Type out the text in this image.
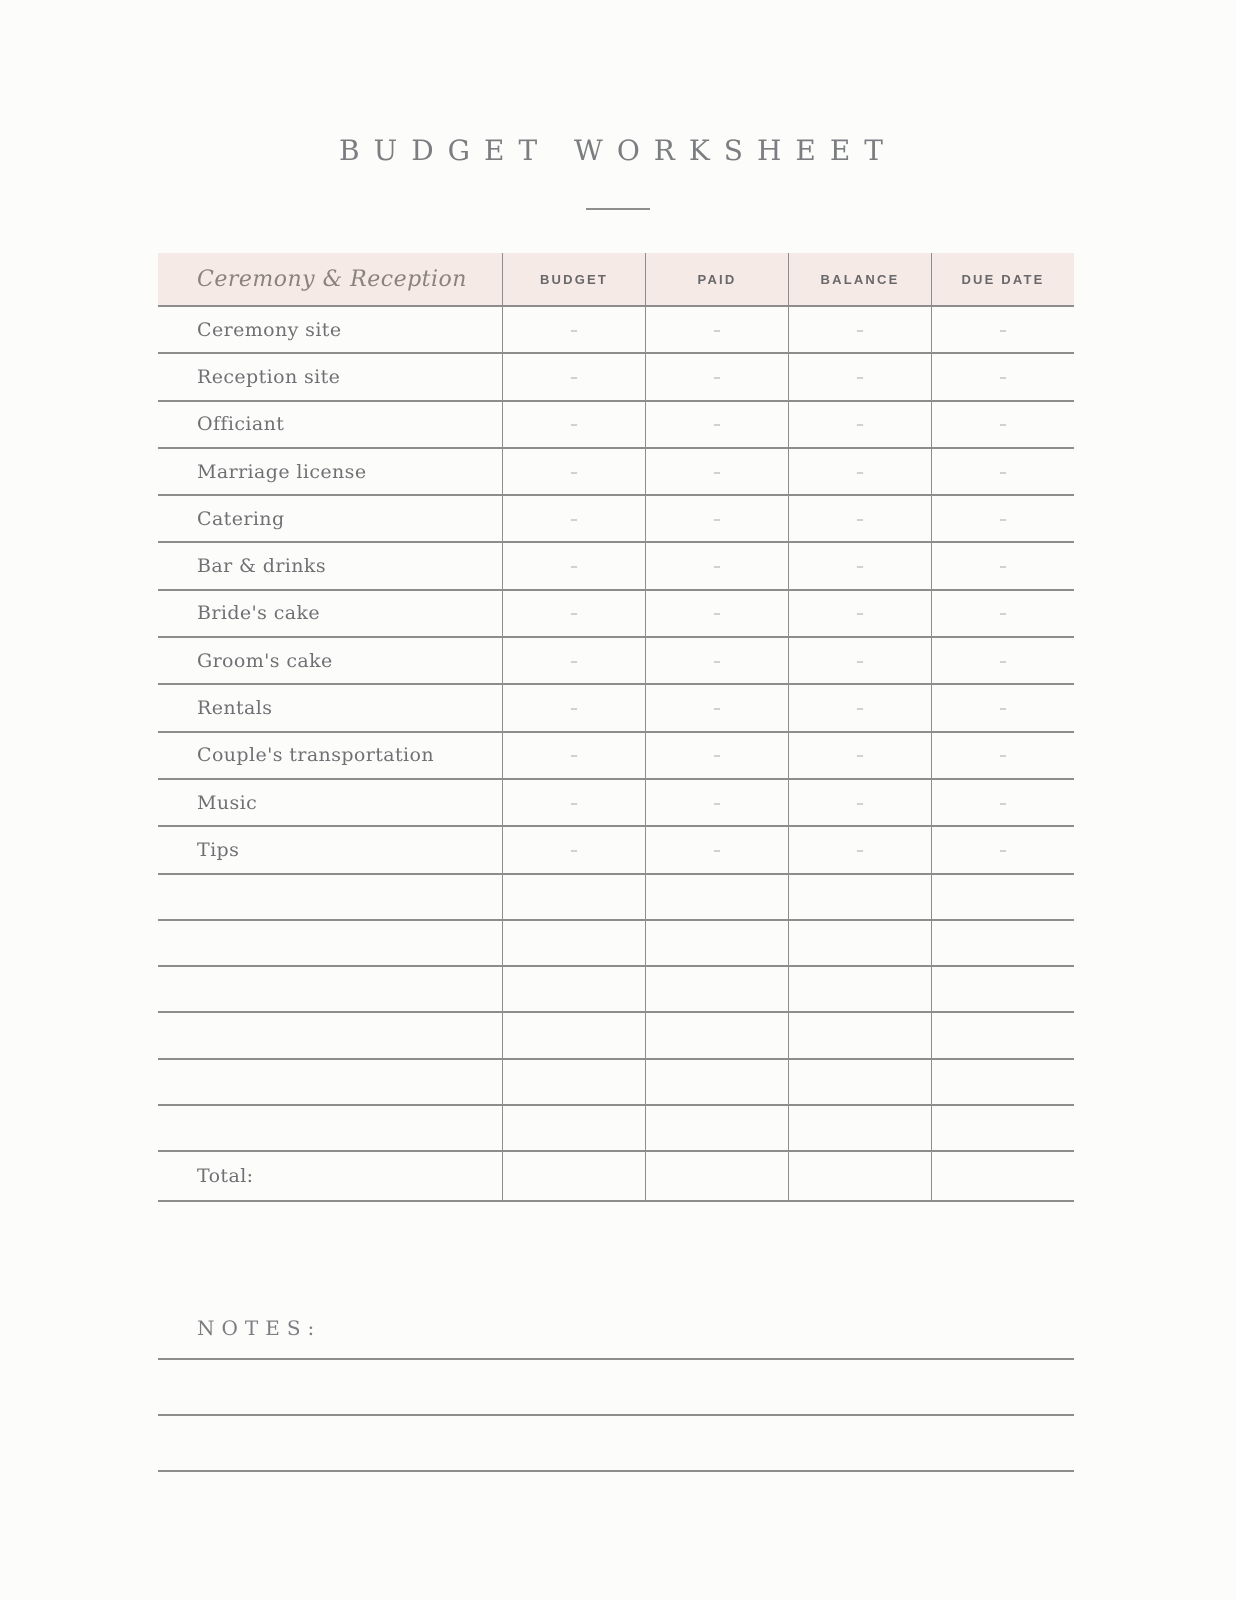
BUDGET WORKSHEET
Ceremony & Reception	BUDGET	PAID	BALANCE	DUE DATE
Ceremony site	–	–	–	–
Reception site	–	–	–	–
Officiant	–	–	–	–
Marriage license	–	–	–	–
Catering	–	–	–	–
Bar & drinks	–	–	–	–
Bride's cake	–	–	–	–
Groom's cake	–	–	–	–
Rentals	–	–	–	–
Couple's transportation	–	–	–	–
Music	–	–	–	–
Tips	–	–	–	–
Total:
NOTES:
